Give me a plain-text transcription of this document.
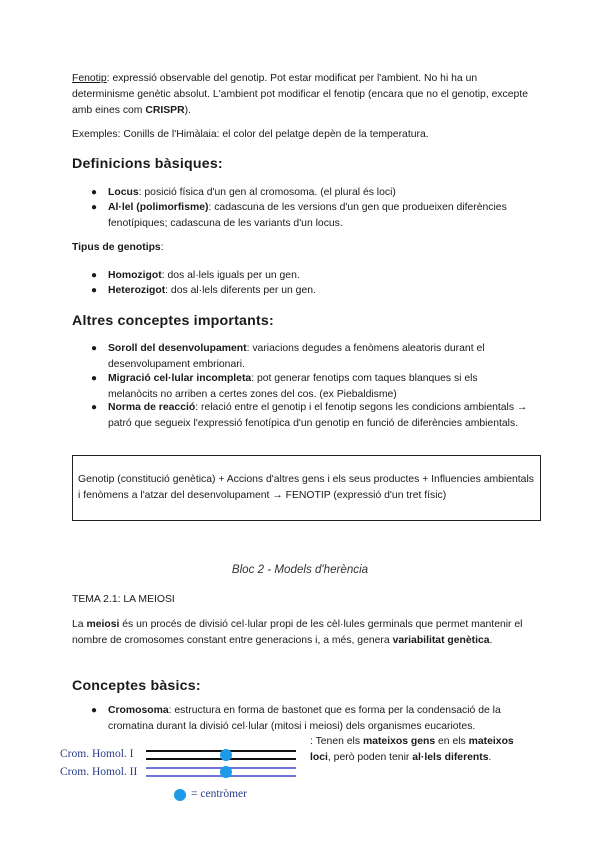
Fenotip: expressió observable del genotip. Pot estar modificat per l'ambient. No hi ha un determinisme genètic absolut. L'ambient pot modificar el fenotip (encara que no el genotip, excepte amb eines com CRISPR).
Exemples: Conills de l'Himàlaia: el color del pelatge depèn de la temperatura.
Definicions bàsiques:
● Locus: posició física d'un gen al cromosoma. (el plural és loci)
● Al·lel (polimorfisme): cadascuna de les versions d'un gen que produeixen diferències fenotípiques; cadascuna de les variants d'un locus.
Tipus de genotips:
● Homozigot: dos al·lels iguals per un gen.
● Heterozigot: dos al·lels diferents per un gen.
Altres conceptes importants:
● Soroll del desenvolupament: variacions degudes a fenòmens aleatoris durant el desenvolupament embrionari.
● Migració cel·lular incompleta: pot generar fenotips com taques blanques si els melanòcits no arriben a certes zones del cos. (ex Piebaldisme)
● Norma de reacció: relació entre el genotip i el fenotip segons les condicions ambientals → patró que segueix l'expressió fenotípica d'un genotip en funció de diferències ambientals.
Genotip (constitució genètica) + Accions d'altres gens i els seus productes + Influencies ambientals i fenòmens a l'atzar del desenvolupament → FENOTIP (expressió d'un tret físic)
Bloc 2 - Models d'herència
TEMA 2.1: LA MEIOSI
La meiosi és un procés de divisió cel·lular propi de les cèl·lules germinals que permet mantenir el nombre de cromosomes constant entre generacions i, a més, genera variabilitat genètica.
Conceptes bàsics:
● Cromosoma: estructura en forma de bastonet que es forma per la condensació de la cromatina durant la divisió cel·lular (mitosi i meiosi) dels organismes eucariotes.
: Tenen els mateixos gens en els mateixos loci, però poden tenir al·lels diferents.
Crom. Homol. I
Crom. Homol. II
= centròmer
